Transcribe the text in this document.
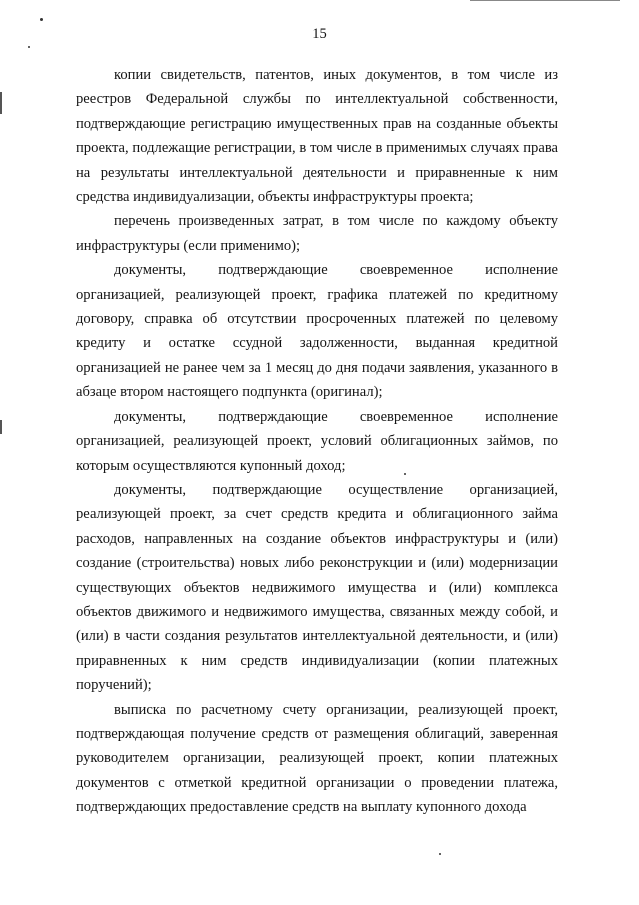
15

копии свидетельств, патентов, иных документов, в том числе из реестров Федеральной службы по интеллектуальной собственности, подтверждающие регистрацию имущественных прав на созданные объекты проекта, подлежащие регистрации, в том числе в применимых случаях права на результаты интеллектуальной деятельности и приравненные к ним средства индивидуализации, объекты инфраструктуры проекта;

перечень произведенных затрат, в том числе по каждому объекту инфраструктуры (если применимо);

документы, подтверждающие своевременное исполнение организацией, реализующей проект, графика платежей по кредитному договору, справка об отсутствии просроченных платежей по целевому кредиту и остатке ссудной задолженности, выданная кредитной организацией не ранее чем за 1 месяц до дня подачи заявления, указанного в абзаце втором настоящего подпункта (оригинал);

документы, подтверждающие своевременное исполнение организацией, реализующей проект, условий облигационных займов, по которым осуществляются купонный доход;

документы, подтверждающие осуществление организацией, реализующей проект, за счет средств кредита и облигационного займа расходов, направленных на создание объектов инфраструктуры и (или) создание (строительства) новых либо реконструкции и (или) модернизации существующих объектов недвижимого имущества и (или) комплекса объектов движимого и недвижимого имущества, связанных между собой, и (или) в части создания результатов интеллектуальной деятельности, и (или) приравненных к ним средств индивидуализации (копии платежных поручений);

выписка по расчетному счету организации, реализующей проект, подтверждающая получение средств от размещения облигаций, заверенная руководителем организации, реализующей проект, копии платежных документов с отметкой кредитной организации о проведении платежа, подтверждающих предоставление средств на выплату купонного дохода
